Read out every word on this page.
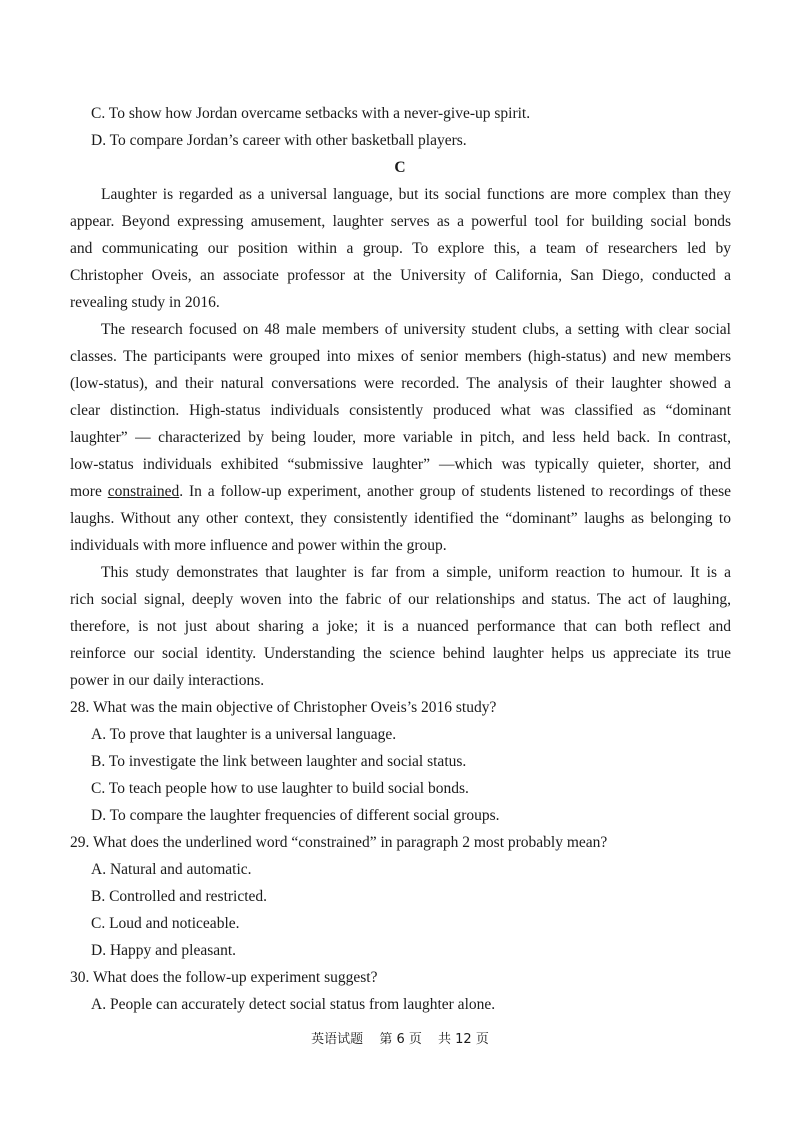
C. To show how Jordan overcame setbacks with a never-give-up spirit.
D. To compare Jordan’s career with other basketball players.
C
Laughter is regarded as a universal language, but its social functions are more complex than they
appear. Beyond expressing amusement, laughter serves as a powerful tool for building social bonds
and communicating our position within a group. To explore this, a team of researchers led by
Christopher Oveis, an associate professor at the University of California, San Diego, conducted a
revealing study in 2016.
The research focused on 48 male members of university student clubs, a setting with clear social
classes. The participants were grouped into mixes of senior members (high-status) and new members
(low-status), and their natural conversations were recorded. The analysis of their laughter showed a
clear distinction. High-status individuals consistently produced what was classified as “dominant
laughter” — characterized by being louder, more variable in pitch, and less held back. In contrast,
low-status individuals exhibited “submissive laughter” —which was typically quieter, shorter, and
more constrained. In a follow-up experiment, another group of students listened to recordings of these
laughs. Without any other context, they consistently identified the “dominant” laughs as belonging to
individuals with more influence and power within the group.
This study demonstrates that laughter is far from a simple, uniform reaction to humour. It is a
rich social signal, deeply woven into the fabric of our relationships and status. The act of laughing,
therefore, is not just about sharing a joke; it is a nuanced performance that can both reflect and
reinforce our social identity. Understanding the science behind laughter helps us appreciate its true
power in our daily interactions.
28. What was the main objective of Christopher Oveis’s 2016 study?
A. To prove that laughter is a universal language.
B. To investigate the link between laughter and social status.
C. To teach people how to use laughter to build social bonds.
D. To compare the laughter frequencies of different social groups.
29. What does the underlined word “constrained” in paragraph 2 most probably mean?
A. Natural and automatic.
B. Controlled and restricted.
C. Loud and noticeable.
D. Happy and pleasant.
30. What does the follow-up experiment suggest?
A. People can accurately detect social status from laughter alone.
英语试题 第 6 页 共 12 页
